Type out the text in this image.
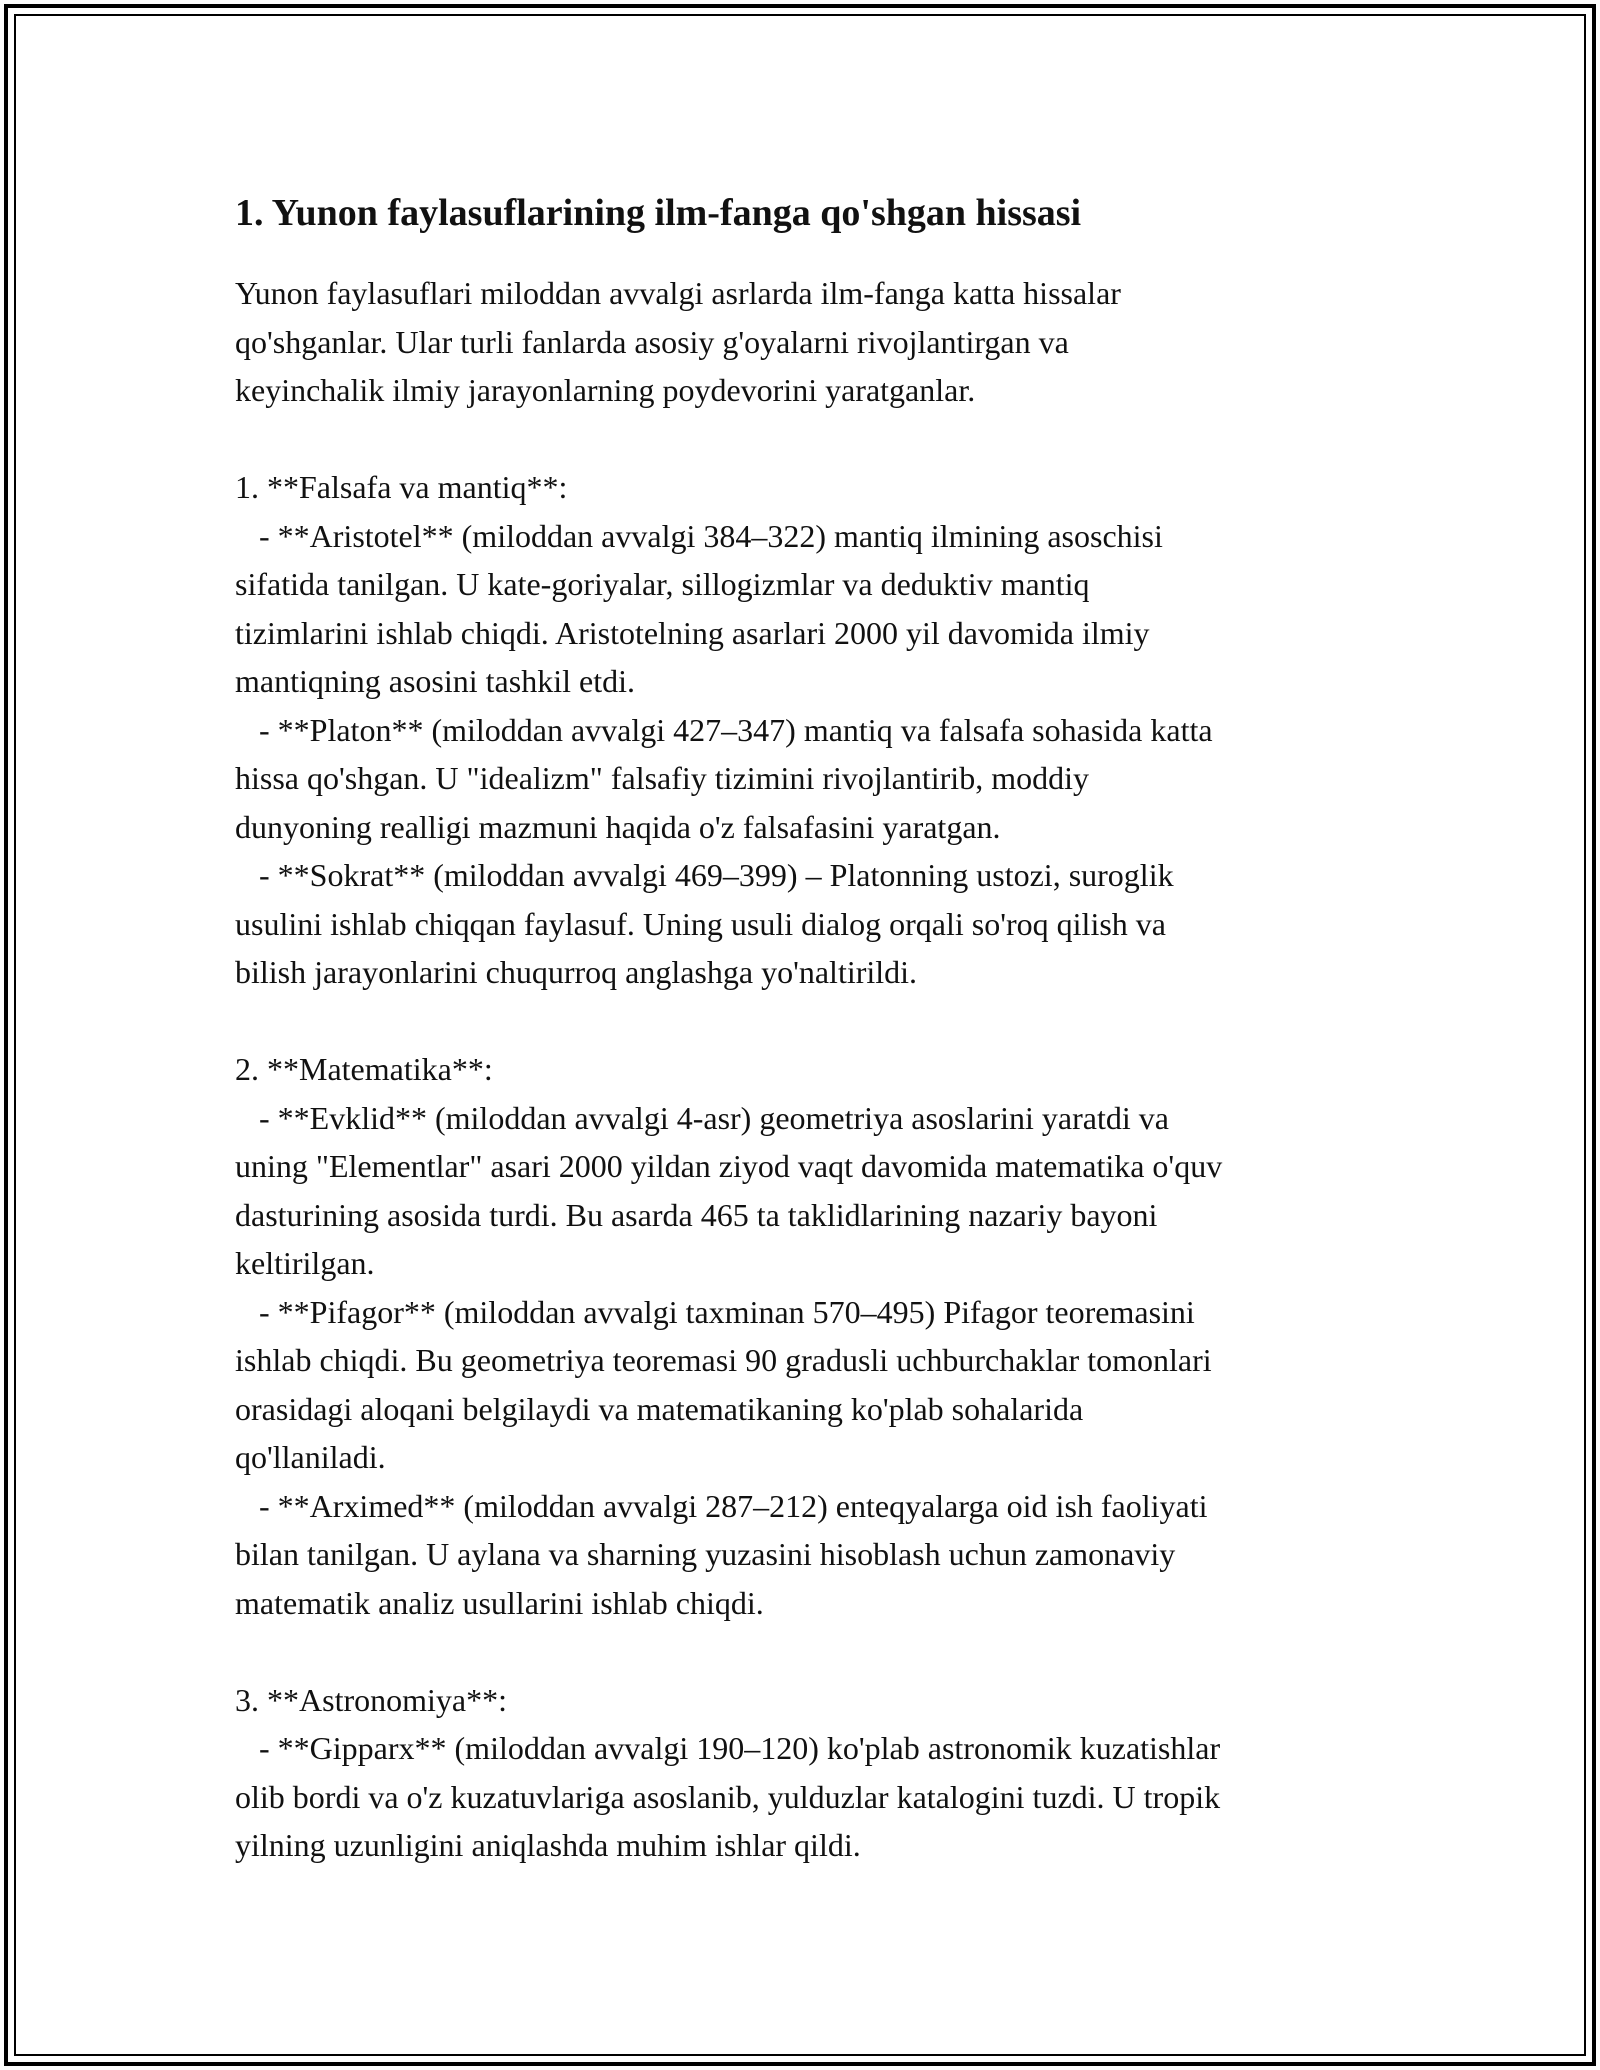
1. Yunon faylasuflarining ilm-fanga qo'shgan hissasi

Yunon faylasuflari miloddan avvalgi asrlarda ilm-fanga katta hissalar
qo'shganlar. Ular turli fanlarda asosiy g'oyalarni rivojlantirgan va
keyinchalik ilmiy jarayonlarning poydevorini yaratganlar.

1. **Falsafa va mantiq**:

- **Aristotel** (miloddan avvalgi 384–322) mantiq ilmining asoschisi
sifatida tanilgan. U kate-goriyalar, sillogizmlar va deduktiv mantiq
tizimlarini ishlab chiqdi. Aristotelning asarlari 2000 yil davomida ilmiy
mantiqning asosini tashkil etdi.

- **Platon** (miloddan avvalgi 427–347) mantiq va falsafa sohasida katta
hissa qo'shgan. U "idealizm" falsafiy tizimini rivojlantirib, moddiy
dunyoning realligi mazmuni haqida o'z falsafasini yaratgan.

- **Sokrat** (miloddan avvalgi 469–399) – Platonning ustozi, suroglik
usulini ishlab chiqqan faylasuf. Uning usuli dialog orqali so'roq qilish va
bilish jarayonlarini chuqurroq anglashga yo'naltirildi.

2. **Matematika**:

- **Evklid** (miloddan avvalgi 4-asr) geometriya asoslarini yaratdi va
uning "Elementlar" asari 2000 yildan ziyod vaqt davomida matematika o'quv
dasturining asosida turdi. Bu asarda 465 ta taklidlarining nazariy bayoni
keltirilgan.

- **Pifagor** (miloddan avvalgi taxminan 570–495) Pifagor teoremasini
ishlab chiqdi. Bu geometriya teoremasi 90 gradusli uchburchaklar tomonlari
orasidagi aloqani belgilaydi va matematikaning ko'plab sohalarida
qo'llaniladi.

- **Arximed** (miloddan avvalgi 287–212) enteqyalarga oid ish faoliyati
bilan tanilgan. U aylana va sharning yuzasini hisoblash uchun zamonaviy
matematik analiz usullarini ishlab chiqdi.

3. **Astronomiya**:

- **Gipparx** (miloddan avvalgi 190–120) ko'plab astronomik kuzatishlar
olib bordi va o'z kuzatuvlariga asoslanib, yulduzlar katalogini tuzdi. U tropik
yilning uzunligini aniqlashda muhim ishlar qildi.
